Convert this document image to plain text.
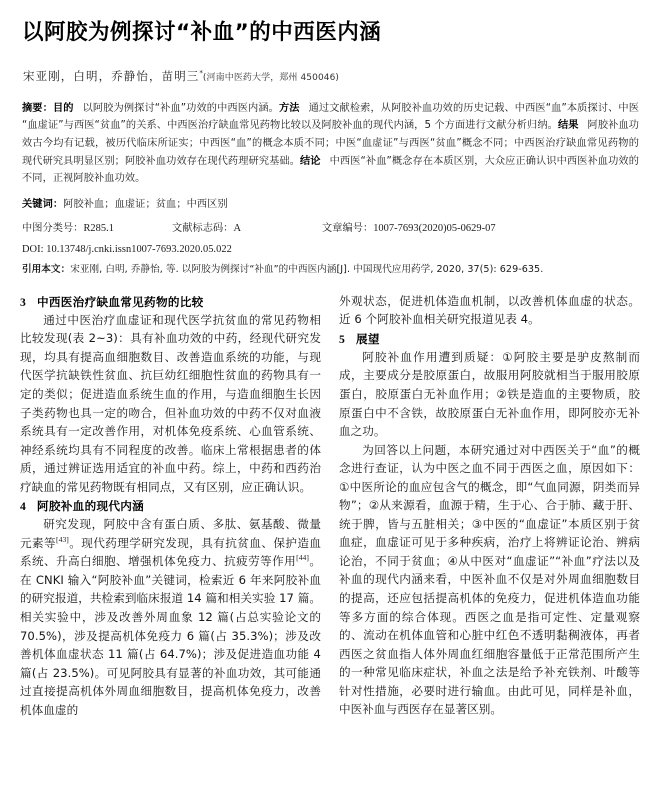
以阿胶为例探讨“补血”的中西医内涵
宋亚刚，白明，乔静怡，苗明三*(河南中医药大学，郑州 450046)
摘要：目的 以阿胶为例探讨“补血”功效的中西医内涵。方法 通过文献检索，从阿胶补血功效的历史记载、中西医“血”本质探讨、中医“血虚证”与西医“贫血”的关系、中西医治疗缺血常见药物比较以及阿胶补血的现代内涵，5 个方面进行文献分析归纳。结果 阿胶补血功效古今均有记载，被历代临床所证实；中西医“血”的概念本质不同；中医“血虚证”与西医“贫血”概念不同；中西医治疗缺血常见药物的现代研究具明显区别；阿胶补血功效存在现代药理研究基础。结论 中西医“补血”概念存在本质区别，大众应正确认识中西医补血功效的不同，正视阿胶补血功效。
关键词：阿胶补血；血虚证；贫血；中西区别
中图分类号：R285.1	文献标志码：A	文章编号：1007-7693(2020)05-0629-07
DOI: 10.13748/j.cnki.issn1007-7693.2020.05.022
引用本文：宋亚刚, 白明, 乔静怡, 等. 以阿胶为例探讨“补血”的中西医内涵[J]. 中国现代应用药学, 2020, 37(5): 629-635.
3 中西医治疗缺血常见药物的比较

通过中医治疗血虚证和现代医学抗贫血的常见药物相比较发现(表 2~3)：具有补血功效的中药，经现代研究发现，均具有提高血细胞数目、改善造血系统的功能，与现代医学抗缺铁性贫血、抗巨幼红细胞性贫血的药物具有一定的类似；促进造血系统生血的作用，与造血细胞生长因子类药物也具一定的吻合，但补血功效的中药不仅对血液系统具有一定改善作用，对机体免疫系统、心血管系统、神经系统均具有不同程度的改善。临床上常根据患者的体质，通过辨证选用适宜的补血中药。综上，中药和西药治疗缺血的常见药物既有相同点，又有区别，应正确认识。

4 阿胶补血的现代内涵

研究发现，阿胶中含有蛋白质、多肽、氨基酸、微量元素等[43]。现代药理学研究发现，具有抗贫血、保护造血系统、升高白细胞、增强机体免疫力、抗疲劳等作用[44]。在 CNKI 输入“阿胶补血”关键词，检索近 6 年来阿胶补血的研究报道，共检索到临床报道 14 篇和相关实验 17 篇。相关实验中，涉及改善外周血象 12 篇(占总实验论文的 70.5%)，涉及提高机体免疫力 6 篇(占 35.3%)；涉及改善机体血虚状态 11 篇(占 64.7%)；涉及促进造血功能 4 篇(占 23.5%)。可见阿胶具有显著的补血功效，其可能通过直接提高机体外周血细胞数目，提高机体免疫力，改善机体血虚的

外观状态，促进机体造血机制，以改善机体血虚的状态。近 6 个阿胶补血相关研究报道见表 4。

5 展望

阿胶补血作用遭到质疑：①阿胶主要是驴皮熬制而成，主要成分是胶原蛋白，故服用阿胶就相当于服用胶原蛋白，胶原蛋白无补血作用；②铁是造血的主要物质，胶原蛋白中不含铁，故胶原蛋白无补血作用，即阿胶亦无补血之功。

为回答以上问题，本研究通过对中西医关于“血”的概念进行查证，认为中医之血不同于西医之血，原因如下：①中医所论的血应包含气的概念，即“气血同源，阴类而异物”；②从来源看，血源于精，生于心、合于肺、藏于肝、统于脾，皆与五脏相关；③中医的“血虚证”本质区别于贫血症，血虚证可见于多种疾病，治疗上将辨证论治、辨病论治，不同于贫血；④从中医对“血虚证”“补血”疗法以及补血的现代内涵来看，中医补血不仅是对外周血细胞数目的提高，还应包括提高机体的免疫力，促进机体造血功能等多方面的综合体现。西医之血是指可定性、定量观察的、流动在机体血管和心脏中红色不透明黏稠液体，再者西医之贫血指人体外周血红细胞容量低于正常范围所产生的一种常见临床症状，补血之法是给予补充铁剂、叶酸等针对性措施，必要时进行输血。由此可见，同样是补血，中医补血与西医存在显著区别。
